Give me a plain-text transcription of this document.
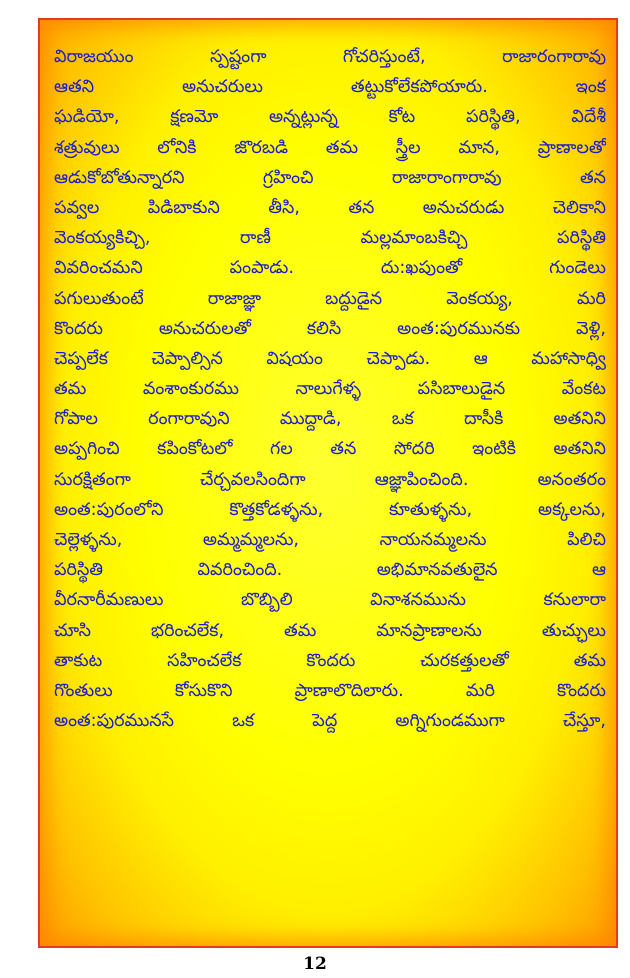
విరాజయుం స్పష్టంగా గోచరిస్తుంటే, రాజారంగారావు
ఆతని అనుచరులు తట్టుకోలేకపోయారు. ఇంక
ఘడియో, క్షణమో అన్నట్లున్న కోట పరిస్థితి, విదేశీ
శత్రువులు లోనికి జొరబడి తమ స్త్రీల మాన, ప్రాణాలతో
ఆడుకోబోతున్నారని గ్రహించి రాజారాంగారావు తన
పవ్వల పిడిబాకుని తీసి, తన అనుచరుడు చెలికాని
వెంకయ్యకిచ్చి, రాణీ మల్లమాంబకిచ్చి పరిస్థితి
వివరించమని పంపాడు. దు:ఖపుంతో గుండెలు
పగులుతుంటే రాజాజ్ఞా బద్దుడైన వెంకయ్య, మరి
కొందరు అనుచరులతో కలిసి అంత:పురమునకు వెళ్లి,
చెప్పలేక చెప్పాల్సిన విషయం చెప్పాడు. ఆ మహాసాధ్వి
తమ వంశాంకురము నాలుగేళ్ళ పసిబాలుడైన వేంకట
గోపాల రంగారావుని ముద్దాడి, ఒక దాసీకి అతనిని
అప్పగించి కపింకోటలో గల తన సోదరి ఇంటికి అతనిని
సురక్షితంగా చేర్చవలసిందిగా ఆజ్ఞాపించింది. అనంతరం
అంత:పురంలోని కొత్తకోడళ్ళను, కూతుళ్ళను, అక్కలను,
చెల్లెళ్ళను, అమ్మమ్మలను, నాయనమ్మలను పిలిచి
పరిస్థితి వివరించింది. అభిమానవతులైన ఆ
వీరనారీమణులు బొబ్బిలి వినాశనమును కనులారా
చూసి భరించలేక, తమ మానప్రాణాలను తుచ్ఛులు
తాకుట సహించలేక కొందరు చురకత్తులతో తమ
గొంతులు కోసుకొని ప్రాణాలొదిలారు. మరి కొందరు
అంత:పురమునసే ఒక పెద్ద అగ్నిగుండముగా చేస్తూ,
12
